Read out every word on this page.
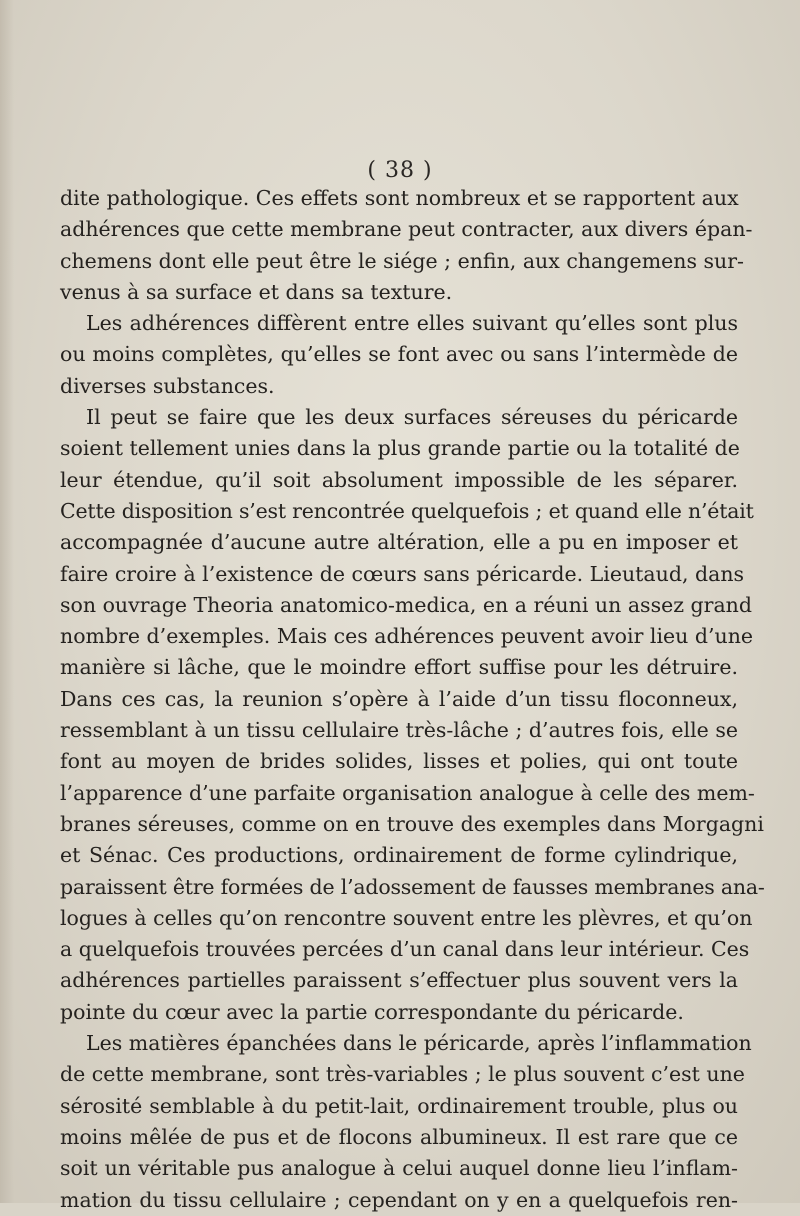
( 38 )
dite pathologique. Ces effets sont nombreux et se rapportent aux
adhérences que cette membrane peut contracter, aux divers épan-
chemens dont elle peut être le siége ; enfin, aux changemens sur-
venus à sa surface et dans sa texture.
Les adhérences diffèrent entre elles suivant qu’elles sont plus
ou moins complètes, qu’elles se font avec ou sans l’intermède de
diverses substances.
Il peut se faire que les deux surfaces séreuses du péricarde
soient tellement unies dans la plus grande partie ou la totalité de
leur étendue, qu’il soit absolument impossible de les séparer.
Cette disposition s’est rencontrée quelquefois ; et quand elle n’était
accompagnée d’aucune autre altération, elle a pu en imposer et
faire croire à l’existence de cœurs sans péricarde. Lieutaud, dans
son ouvrage Theoria anatomico-medica, en a réuni un assez grand
nombre d’exemples. Mais ces adhérences peuvent avoir lieu d’une
manière si lâche, que le moindre effort suffise pour les détruire.
Dans ces cas, la reunion s’opère à l’aide d’un tissu floconneux,
ressemblant à un tissu cellulaire très-lâche ; d’autres fois, elle se
font au moyen de brides solides, lisses et polies, qui ont toute
l’apparence d’une parfaite organisation analogue à celle des mem-
branes séreuses, comme on en trouve des exemples dans Morgagni
et Sénac. Ces productions, ordinairement de forme cylindrique,
paraissent être formées de l’adossement de fausses membranes ana-
logues à celles qu’on rencontre souvent entre les plèvres, et qu’on
a quelquefois trouvées percées d’un canal dans leur intérieur. Ces
adhérences partielles paraissent s’effectuer plus souvent vers la
pointe du cœur avec la partie correspondante du péricarde.
Les matières épanchées dans le péricarde, après l’inflammation
de cette membrane, sont très-variables ; le plus souvent c’est une
sérosité semblable à du petit-lait, ordinairement trouble, plus ou
moins mêlée de pus et de flocons albumineux. Il est rare que ce
soit un véritable pus analogue à celui auquel donne lieu l’inflam-
mation du tissu cellulaire ; cependant on y en a quelquefois ren-
